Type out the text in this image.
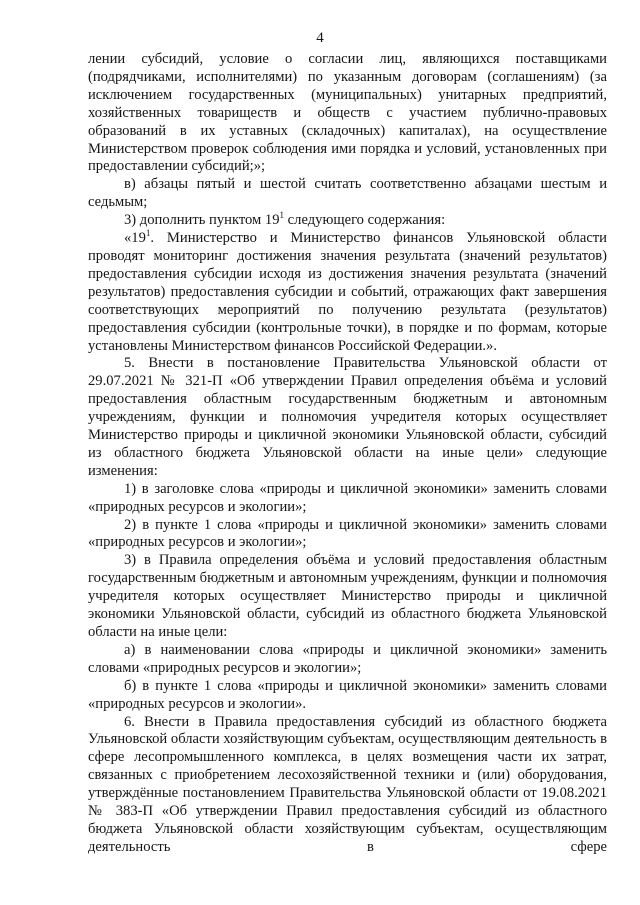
4

лении субсидий, условие о согласии лиц, являющихся поставщиками (подрядчиками, исполнителями) по указанным договорам (соглашениям) (за исключением государственных (муниципальных) унитарных предприятий, хозяйственных товариществ и обществ с участием публично-правовых образований в их уставных (складочных) капиталах), на осуществление Министерством проверок соблюдения ими порядка и условий, установленных при предоставлении субсидий;»;

в) абзацы пятый и шестой считать соответственно абзацами шестым и седьмым;

3) дополнить пунктом $19^1$ следующего содержания:

«$19^1$. Министерство и Министерство финансов Ульяновской области проводят мониторинг достижения значения результата (значений результатов) предоставления субсидии исходя из достижения значения результата (значений результатов) предоставления субсидии и событий, отражающих факт завершения соответствующих мероприятий по получению результата (результатов) предоставления субсидии (контрольные точки), в порядке и по формам, которые установлены Министерством финансов Российской Федерации.».

5. Внести в постановление Правительства Ульяновской области от 29.07.2021 № 321-П «Об утверждении Правил определения объёма и условий предоставления областным государственным бюджетным и автономным учреждениям, функции и полномочия учредителя которых осуществляет Министерство природы и цикличной экономики Ульяновской области, субсидий из областного бюджета Ульяновской области на иные цели» следующие изменения:

1) в заголовке слова «природы и цикличной экономики» заменить словами «природных ресурсов и экологии»;

2) в пункте 1 слова «природы и цикличной экономики» заменить словами «природных ресурсов и экологии»;

3) в Правила определения объёма и условий предоставления областным государственным бюджетным и автономным учреждениям, функции и полномочия учредителя которых осуществляет Министерство природы и цикличной экономики Ульяновской области, субсидий из областного бюджета Ульяновской области на иные цели:

а) в наименовании слова «природы и цикличной экономики» заменить словами «природных ресурсов и экологии»;

б) в пункте 1 слова «природы и цикличной экономики» заменить словами «природных ресурсов и экологии».

6. Внести в Правила предоставления субсидий из областного бюджета Ульяновской области хозяйствующим субъектам, осуществляющим деятельность в сфере лесопромышленного комплекса, в целях возмещения части их затрат, связанных с приобретением лесохозяйственной техники и (или) оборудования, утверждённые постановлением Правительства Ульяновской области от 19.08.2021 № 383-П «Об утверждении Правил предоставления субсидий из областного бюджета Ульяновской области хозяйствующим субъектам, осуществляющим деятельность в сфере
